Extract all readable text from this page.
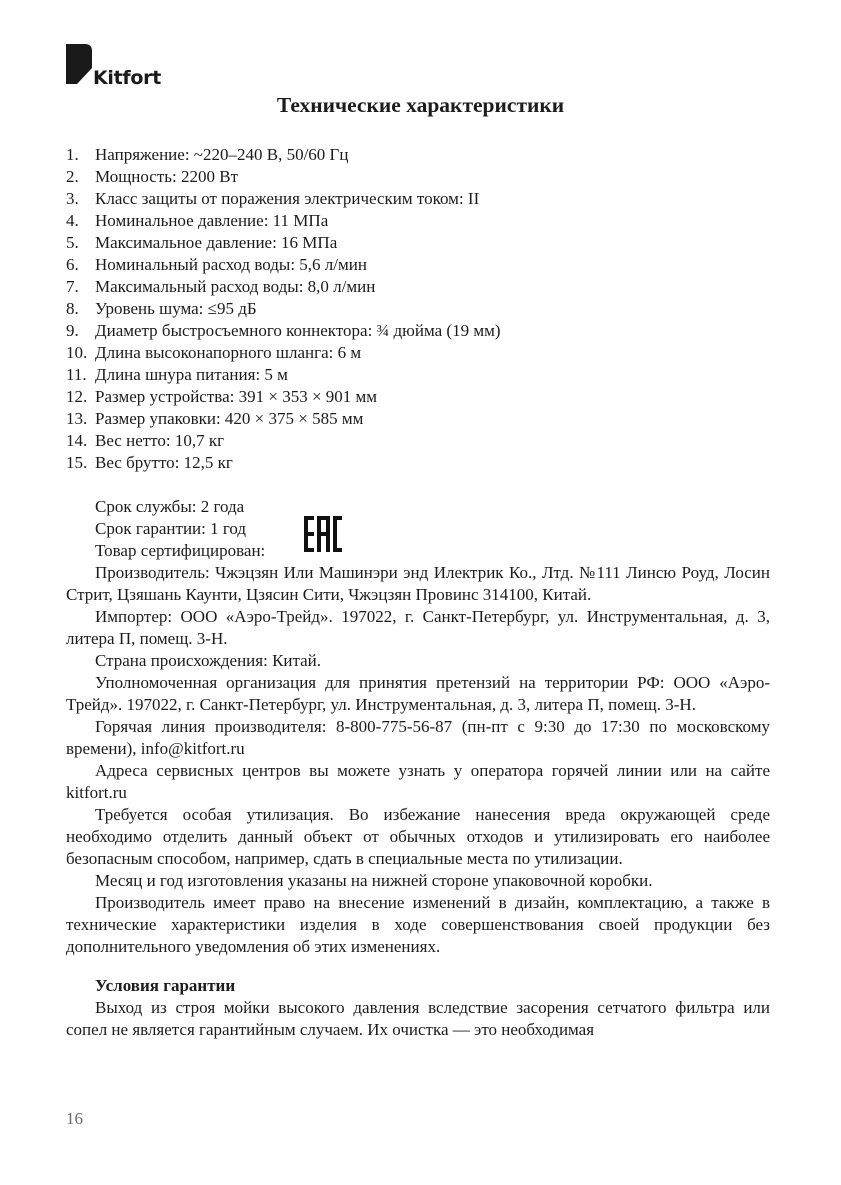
Kitfort
Технические характеристики
1. Напряжение: ~220–240 В, 50/60 Гц
2. Мощность: 2200 Вт
3. Класс защиты от поражения электрическим током: II
4. Номинальное давление: 11 МПа
5. Максимальное давление: 16 МПа
6. Номинальный расход воды: 5,6 л/мин
7. Максимальный расход воды: 8,0 л/мин
8. Уровень шума: ≤95 дБ
9. Диаметр быстросъемного коннектора: ¾ дюйма (19 мм)
10. Длина высоконапорного шланга: 6 м
11. Длина шнура питания: 5 м
12. Размер устройства: 391 × 353 × 901 мм
13. Размер упаковки: 420 × 375 × 585 мм
14. Вес нетто: 10,7 кг
15. Вес брутто: 12,5 кг
Срок службы: 2 года
Срок гарантии: 1 год
Товар сертифицирован:

Производитель: Чжэцзян Или Машинэри энд Илектрик Ко., Лтд. №111 Линсю Роуд, Лосин Стрит, Цзяшань Каунти, Цзясин Сити, Чжэцзян Провинс 314100, Китай.

Импортер: ООО «Аэро-Трейд». 197022, г. Санкт-Петербург, ул. Инструментальная, д. 3, литера П, помещ. 3-Н.

Страна происхождения: Китай.

Уполномоченная организация для принятия претензий на территории РФ: ООО «Аэро-Трейд». 197022, г. Санкт-Петербург, ул. Инструментальная, д. 3, литера П, помещ. 3-Н.

Горячая линия производителя: 8-800-775-56-87 (пн-пт с 9:30 до 17:30 по московскому времени), info@kitfort.ru

Адреса сервисных центров вы можете узнать у оператора горячей линии или на сайте kitfort.ru

Требуется особая утилизация. Во избежание нанесения вреда окружающей среде необходимо отделить данный объект от обычных отходов и утилизировать его наиболее безопасным способом, например, сдать в специальные места по утилизации.

Месяц и год изготовления указаны на нижней стороне упаковочной коробки.

Производитель имеет право на внесение изменений в дизайн, комплектацию, а также в технические характеристики изделия в ходе совершенствования своей продукции без дополнительного уведомления об этих изменениях.

Условия гарантии

Выход из строя мойки высокого давления вследствие засорения сетчатого фильтра или сопел не является гарантийным случаем. Их очистка — это необходимая

16
